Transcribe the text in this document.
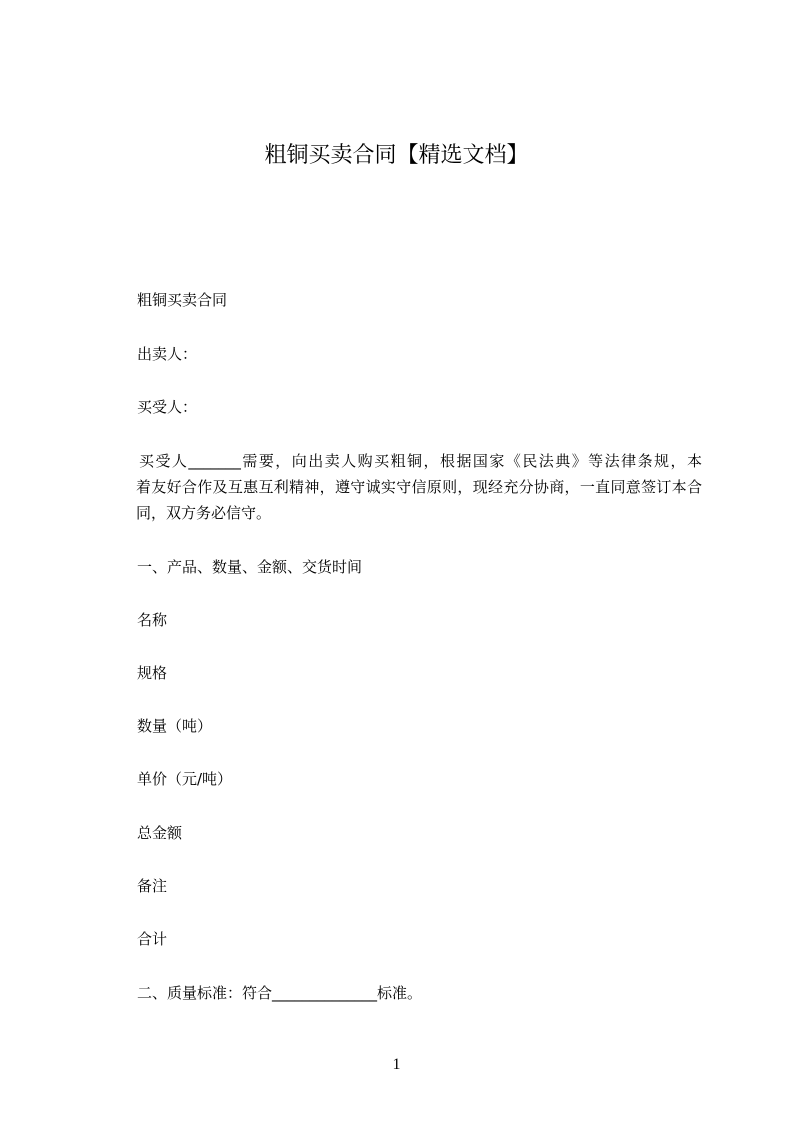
粗铜买卖合同【精选文档】
粗铜买卖合同
出卖人：
买受人：
买受人_______需要，向出卖人购买粗铜，根据国家《民法典》等法律条规，本
着友好合作及互惠互利精神，遵守诚实守信原则，现经充分协商，一直同意签订本合
同，双方务必信守。
一、产品、数量、金额、交货时间
名称
规格
数量（吨）
单价（元/吨）
总金额
备注
合计
二、质量标准：符合______________标准。
1
